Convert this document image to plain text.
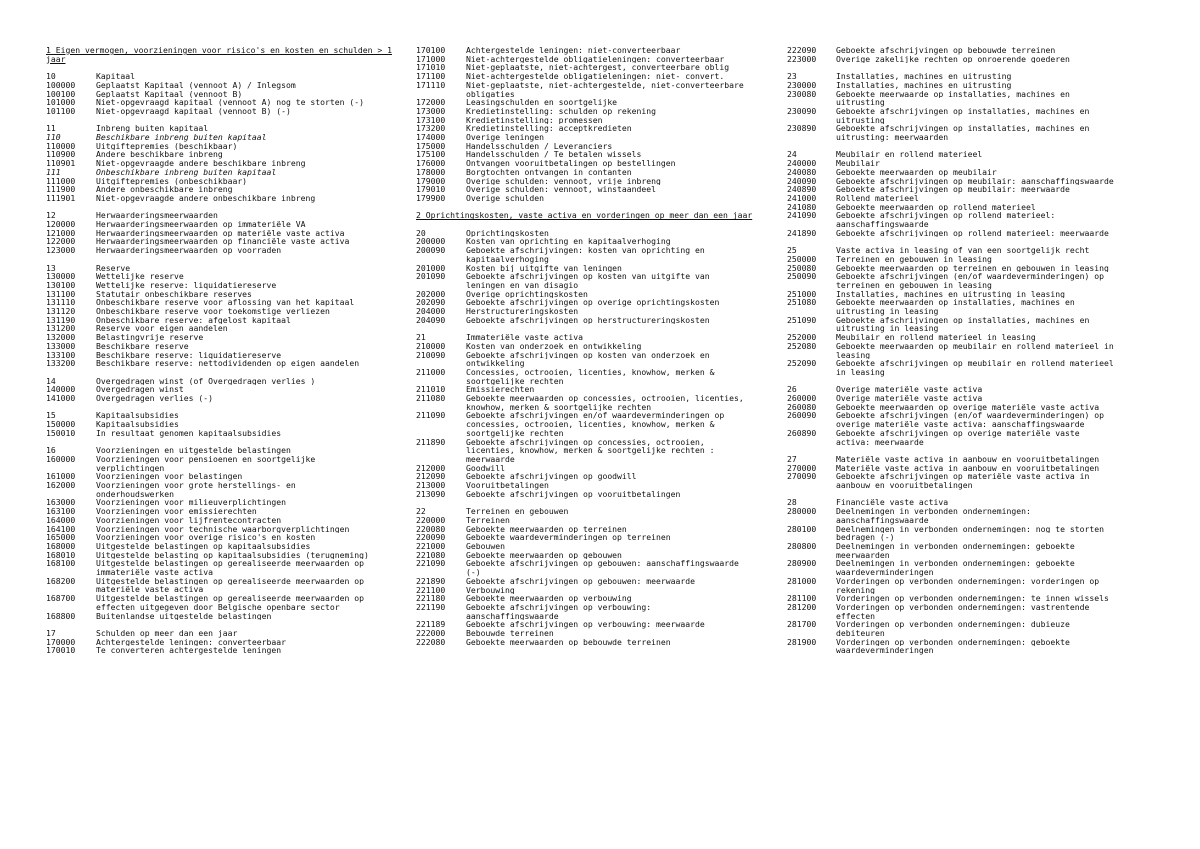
1 Eigen vermogen, voorzieningen voor risico's en kosten en schulden > 1 jaar
10	Kapitaal
100000	Geplaatst Kapitaal (vennoot A) / Inlegsom
100100	Geplaatst Kapitaal (vennoot B)
101000	Niet-opgevraagd kapitaal (vennoot A) nog te storten (-)
101100	Niet-opgevraagd kapitaal (vennoot B) (-)
11	Inbreng buiten kapitaal
110	Beschikbare inbreng buiten kapitaal
110000	Uitgiftepremies (beschikbaar)
110900	Andere beschikbare inbreng
110901	Niet-opgevraagde andere beschikbare inbreng
111	Onbeschikbare inbreng buiten kapitaal
111000	Uitgiftepremies (onbeschikbaar)
111900	Andere onbeschikbare inbreng
111901	Niet-opgevraagde andere onbeschikbare inbreng
12	Herwaarderingsmeerwaarden
120000	Herwaarderingsmeerwaarden op immateriële VA
121000	Herwaarderingsmeerwaarden op materiële vaste activa
122000	Herwaarderingsmeerwaarden op financiële vaste activa
123000	Herwaarderingsmeerwaarden op voorraden
13	Reserve
130000	Wettelijke reserve
130100	Wettelijke reserve: liquidatiereserve
131100	Statutair onbeschikbare reserves
131110	Onbeschikbare reserve voor aflossing van het kapitaal
131120	Onbeschikbare reserve voor toekomstige verliezen
131190	Onbeschikbare reserve: afgelost kapitaal
131200	Reserve voor eigen aandelen
132000	Belastingvrije reserve
133000	Beschikbare reserve
133100	Beschikbare reserve: liquidatiereserve
133200	Beschikbare reserve: nettodividenden op eigen aandelen
14	Overgedragen winst (of Overgedragen verlies )
140000	Overgedragen winst
141000	Overgedragen verlies (-)
15	Kapitaalsubsidies
150000	Kapitaalsubsidies
150010	In resultaat genomen kapitaalsubsidies
16	Voorzieningen en uitgestelde belastingen
160000	Voorzieningen voor pensioenen en soortgelijke
verplichtingen
161000	Voorzieningen voor belastingen
162000	Voorzieningen voor grote herstellings- en
onderhoudswerken
163000	Voorzieningen voor milieuverplichtingen
163100	Voorzieningen voor emissierechten
164000	Voorzieningen voor lijfrentecontracten
164100	Voorzieningen voor technische waarborgverplichtingen
165000	Voorzieningen voor overige risico's en kosten
168000	Uitgestelde belastingen op kapitaalsubsidies
168010	Uitgestelde belasting op kapitaalsubsidies (terugneming)
168100	Uitgestelde belastingen op gerealiseerde meerwaarden op
immateriële vaste activa
168200	Uitgestelde belastingen op gerealiseerde meerwaarden op
materiële vaste activa
168700	Uitgestelde belastingen op gerealiseerde meerwaarden op
effecten uitgegeven door Belgische openbare sector
168800	Buitenlandse uitgestelde belastingen
17	Schulden op meer dan een jaar
170000	Achtergestelde leningen: converteerbaar
170010	Te converteren achtergestelde leningen
170100	Achtergestelde leningen: niet-converteerbaar
171000	Niet-achtergestelde obligatieleningen: converteerbaar
171010	Niet-geplaatste, niet-achtergest, converteerbare oblig
171100	Niet-achtergestelde obligatieleningen: niet- convert.
171110	Niet-geplaatste, niet-achtergestelde, niet-converteerbare
obligaties
172000	Leasingschulden en soortgelijke
173000	Kredietinstelling: schulden op rekening
173100	Kredietinstelling: promessen
173200	Kredietinstelling: acceptkredieten
174000	Overige leningen
175000	Handelsschulden / Leveranciers
175100	Handelsschulden / Te betalen wissels
176000	Ontvangen vooruitbetalingen op bestellingen
178000	Borgtochten ontvangen in contanten
179000	Overige schulden: vennoot, vrije inbreng
179010	Overige schulden: vennoot, winstaandeel
179900	Overige schulden
2 Oprichtingskosten, vaste activa en vorderingen op meer dan een jaar
20	Oprichtingskosten
200000	Kosten van oprichting en kapitaalverhoging
200090	Geboekte afschrijvingen: kosten van oprichting en
kapitaalverhoging
201000	Kosten bij uitgifte van leningen
201090	Geboekte afschrijvingen op kosten van uitgifte van
leningen en van disagio
202000	Overige oprichtingskosten
202090	Geboekte afschrijvingen op overige oprichtingskosten
204000	Herstructureringskosten
204090	Geboekte afschrijvingen op herstructureringskosten
21	Immateriële vaste activa
210000	Kosten van onderzoek en ontwikkeling
210090	Geboekte afschrijvingen op kosten van onderzoek en
ontwikkeling
211000	Concessies, octrooien, licenties, knowhow, merken &
soortgelijke rechten
211010	Emissierechten
211080	Geboekte meerwaarden op concessies, octrooien, licenties,
knowhow, merken & soortgelijke rechten
211090	Geboekte afschrijvingen en/of waardeverminderingen op
concessies, octrooien, licenties, knowhow, merken &
soortgelijke rechten
211890	Geboekte afschrijvingen op concessies, octrooien,
licenties, knowhow, merken & soortgelijke rechten :
meerwaarde
212000	Goodwill
212090	Geboekte afschrijvingen op goodwill
213000	Vooruitbetalingen
213090	Geboekte afschrijvingen op vooruitbetalingen
22	Terreinen en gebouwen
220000	Terreinen
220080	Geboekte meerwaarden op terreinen
220090	Geboekte waardeverminderingen op terreinen
221000	Gebouwen
221080	Geboekte meerwaarden op gebouwen
221090	Geboekte afschrijvingen op gebouwen: aanschaffingswaarde
(-)
221890	Geboekte afschrijvingen op gebouwen: meerwaarde
221100	Verbouwing
221180	Geboekte meerwaarden op verbouwing
221190	Geboekte afschrijvingen op verbouwing:
aanschaffingswaarde
221189	Geboekte afschrijvingen op verbouwing: meerwaarde
222000	Bebouwde terreinen
222080	Geboekte meerwaarden op bebouwde terreinen
222090	Geboekte afschrijvingen op bebouwde terreinen
223000	Overige zakelijke rechten op onroerende goederen
23	Installaties, machines en uitrusting
230000	Installaties, machines en uitrusting
230080	Geboekte meerwaarde op installaties, machines en
uitrusting
230090	Geboekte afschrijvingen op installaties, machines en
uitrusting
230890	Geboekte afschrijvingen op installaties, machines en
uitrusting: meerwaarden
24	Meubilair en rollend materieel
240000	Meubilair
240080	Geboekte meerwaarden op meubilair
240090	Geboekte afschrijvingen op meubilair: aanschaffingswaarde
240890	Geboekte afschrijvingen op meubilair: meerwaarde
241000	Rollend materieel
241080	Geboekte meerwaarden op rollend materieel
241090	Geboekte afschrijvingen op rollend materieel:
aanschaffingswaarde
241890	Geboekte afschrijvingen op rollend materieel: meerwaarde
25	Vaste activa in leasing of van een soortgelijk recht
250000	Terreinen en gebouwen in leasing
250080	Geboekte meerwaarden op terreinen en gebouwen in leasing
250090	Geboekte afschrijvingen (en/of waardeverminderingen) op
terreinen en gebouwen in leasing
251000	Installaties, machines en uitrusting in leasing
251080	Geboekte meerwaarden op installaties, machines en
uitrusting in leasing
251090	Geboekte afschrijvingen op installaties, machines en
uitrusting in leasing
252000	Meubilair en rollend materieel in leasing
252080	Geboekte meerwaarden op meubilair en rollend materieel in
leasing
252090	Geboekte afschrijvingen op meubilair en rollend materieel
in leasing
26	Overige materiële vaste activa
260000	Overige materiële vaste activa
260080	Geboekte meerwaarden op overige materiële vaste activa
260090	Geboekte afschrijvingen (en/of waardeverminderingen) op
overige materiële vaste activa: aanschaffingswaarde
260890	Geboekte afschrijvingen op overige materiële vaste
activa: meerwaarde
27	Materiële vaste activa in aanbouw en vooruitbetalingen
270000	Materiële vaste activa in aanbouw en vooruitbetalingen
270090	Geboekte afschrijvingen op materiële vaste activa in
aanbouw en vooruitbetalingen
28	Financiële vaste activa
280000	Deelnemingen in verbonden ondernemingen:
aanschaffingswaarde
280100	Deelnemingen in verbonden ondernemingen: nog te storten
bedragen (-)
280800	Deelnemingen in verbonden ondernemingen: geboekte
meerwaarden
280900	Deelnemingen in verbonden ondernemingen: geboekte
waardeverminderingen
281000	Vorderingen op verbonden ondernemingen: vorderingen op
rekening
281100	Vorderingen op verbonden ondernemingen: te innen wissels
281200	Vorderingen op verbonden ondernemingen: vastrentende
effecten
281700	Vorderingen op verbonden ondernemingen: dubieuze
debiteuren
281900	Vorderingen op verbonden ondernemingen: geboekte
waardeverminderingen
